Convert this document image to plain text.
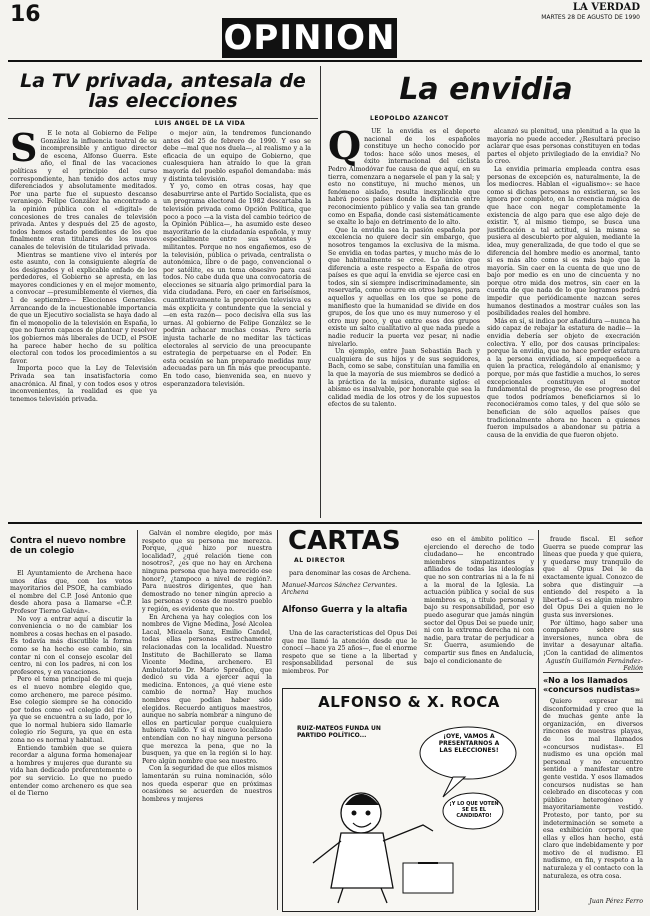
16
OPINION
LA VERDAD
MARTES 28 DE AGUSTO DE 1990
La TV privada, antesala de las elecciones
LUIS ANGEL DE LA VIDA
S	E le nota al Gobierno de Felipe González la influencia teatral de su incomprensible y antiguo director de escena, Alfonso Guerra. Este año, el final de las vacaciones políticas y el principio del curso correspondiente, han tenido dos actos muy diferenciados y absolutamente meditados. Por una parte fue el supuesto descanso veraniego. Felipe González ha encontrado a la opinión pública con el «digital» de concesiones de tres canales de televisión privada. Antes y después del 25 de agosto, todos hemos estado pendientes de los que finalmente eran titulares de los nuevos canales de televisión de titularidad privada.

Mientras se mantiene vivo el interés por este asunto, con la consiguiente alegría de los designados y el explicable enfado de los perdedores, el Gobierno se apresta, en las mayores condiciones y en el mejor momento, a convocar —presumiblemente el viernes, día 1 de septiembre— Elecciones Generales. Arrancando de la incuestionable importancia de que un Ejecutivo socialista se haya dado al fin el monopolio de la televisión en España, lo que no fueron capaces de plantear y resolver los gobiernos más liberales de UCD, el PSOE ha parece haber hecho de su política electoral con todos los procedimientos a su favor.

Importa poco que la Ley de Televisión Privada sea tan insatisfactoria como anacrónica. Al final, y con todos esos y otros inconvenientes, la realidad es que ya tenemos televisión privada.

o mejor aún, la tendremos funcionando antes del 25 de febrero de 1990. Y eso se debe —mal que nos duela—, al realismo y a la eficacia de un equipo de Gobierno, que cualesquiera han atraído lo que la gran mayoría del pueblo español demandaba: más y distinta televisión.

Y yo, como en otras cosas, hay que desaburrirse ante el Partido Socialista, que es un programa electoral de 1982 descartaba la televisión privada como Opción Política, que poco a poco —a la vista del cambio teórico de la Opinión Pública—, ha asumido este deseo mayoritario de la ciudadanía española, y muy especialmente entre sus votantes y militantes. Porque no nos engañemos, eso de la televisión, pública o privada, centralista o autonómica, libre o de pago, convencional o por satélite, es un tema obsesivo para casi todos. No cabe duda que una convocatoria de elecciones se situaría algo primordial para la vida ciudadana. Pero, en caer en fariseísmos, cuantitativamente la proporción televisiva es más explícita y contundente que la sencial y —en esta razón— poco decisiva ella sus las urnas. Al gobierno de Felipe González se le podrán achacar muchas cosas. Pero sería injusta tacharle de no meditar las tácticas electorales al servicio de una preocupante estrategia de perpetuarse en el Poder. En esta ocasión se han preparado medidas muy adecuadas para un fin más que preocupante. En todo caso, bienvenida sea, en nuevo y esperanzadora televisión.

La envidia
LEOPOLDO AZANCOT
Q	UE la envidia es el deporte nacional de los españoles constituye un hecho conocido por todos: hace sólo unos meses, el éxito internacional del ciclista Pedro Almodóvar fue causa de que aquí, en su tierra, comenzara a negarsele el pan y la sal; y esto no constituye, ni mucho menos, un fenómeno aislado, resulta inexplicable que habrá pocos países donde la distancia entre reconocimiento público y valía sea tan grande como en España, donde casi sistemáticamente se exalte lo bajo en detrimento de lo alto.

Que la envidia sea la pasión española por excelencia no quiere decir sin embargo, que nosotros tengamos la exclusiva de la misma. Se envidia en todas partes, y mucho más de lo que habitualmente se cree. Lo único que diferencia a este respecto a España de otros países es que aquí la envidia se ejerce casi en todos, sin sí siempre indiscriminadamente, sin reservarla, como ocurre en otros lugares, para aquellos y aquellas en los que se pone de manifiesto que la humanidad se divide en dos grupos, de los que uno es muy numeroso y el otro muy poco, y que entre esos dos grupos existe un salto cualitativo al que nada puede a nadie reducir la puerta vez pesar, ni nadie nivelarlo.

Un ejemplo, entre Juan Sebastián Bach y cualquiera de sus hijos y de sus seguidores, Bach, como se sabe, constituían una familia en la que la mayoría de sus miembros se dedicó a la práctica de la música, durante siglos: el abismo es insalvable, por honorable que sea la calidad media de los otros y de los supuestos efectos de su talento.

alcanzó su plenitud, una plenitud a la que la mayoría no puede acceder. ¿Resultará preciso aclarar que esas personas constituyen en todas partes el objeto privilegiado de la envidia? No lo creo.

La envidia primaria empleada contra esas personas de excepción es, naturalmente, la de los mediocres. Hablan el «igualismo»: se hace como si dichas personas no existieran, se les ignora por completo, en la creencia mágica de que hace con negar completamente la existencia de algo para que ese algo deje de existir. Y, al mismo tiempo, se busca una justificación a tal actitud, si la misma se pusiera al descubierto por alguien, mediante la idea, muy generalizada, de que todo el que se diferencia del hombre medio es anormal, tanto si es más alto como si es más bajo que la mayoría. Sin caer en la cuenta de que uno de bajo por medio es en uno de cincuenta y no porque otro mida dos metros, sin caer en la cuenta de que nada de lo que logramos podrá impedir que periódicamente nazcan seres humanos destinados a mostrar cuáles son las posibilidades reales del hombre.

Más en sí, si indica por añadidura —nunca ha sido capaz de rebajar la estatura de nadie— la envidia debería ser objeto de execración colectiva. Y ello, por dos causas principales: porque la envidia, que no hace perder estatura a la persona envidiada, sí empequeñece a quien la practica, relegándolo al enanismo; y porque, por más que fastidie a muchos, lo seres excepcionales constituyen el motor fundamental de progreso, de ese progreso del que todos podríamos beneficiarnos si lo reconociéramos como tales, y del que sólo se benefician de sólo aquellos países que tradicionalmente ahora no hacen a quienes fueron impulsados a abandonar su patria a causa de la envidia de que fueron objeto.

CARTAS
AL DIRECTOR
Contra el nuevo nombre de un colegio

El Ayuntamiento de Archena hace unos días que, con los votos mayoritarios del PSOE, ha cambiado el nombre del C.P. José Antonio que desde ahora pasa a llamarse «C.P. Profesor Tierno Galván».

No voy a entrar aquí a discutir la conveniencia o no de cambiar los nombres a cosas hechas en el pasado. Es todavía más discutible la forma como se ha hecho ese cambio, sin contar ni con el consejo escolar del centro, ni con los padres, ni con los profesores, y en vacaciones.

Pero el tema principal de mi queja es el nuevo nombre elegido que, como archenero, me parece pésimo. Ese colegio siempre se ha conocido por todos como «el colegio del río», ya que se encuentra a su lado, por lo que lo normal hubiera sido llamarle colegio río Segura, ya que en esta zona no es normal y habitual.

Entiendo también que se quiera recordar a alguna forma homenajear a hombres y mujeres que durante su vida han dedicado preferentemente o por su servicio. Lo que no puedo entender como archenero es que sea el de Tierno

Galván el nombre elegido, por más respeto que su persona me merezca. Porque, ¿qué hizo por nuestra localidad?, ¿qué relación tiene con nosotros?, ¿es que no hay en Archena ninguna persona que haya merecido ese honor?, ¿tampoco a nivel de región?. Para nuestros dirigentes, que han demostrado no tener ningún aprecio a las personas y cosas de nuestro pueblo y región, es evidente que no.

En Archena ya hay colegios con los nombres de Vigne Medina, José Alcolea Lacal, Micaela Sanz, Emilio Candel, todas ellas personas estrechamente relacionadas con la localidad. Nuestro Instituto de Bachillerato se llama Vicente Medina, archenero. El Ambulatorio Dr. Mario Spreáfico, que dedicó su vida a ejercer aquí la medicina. Entonces, ¿a qué viene este cambio de norma? Hay muchos nombres que podían haber sido elegidos. Recuerdo antiguos maestros, aunque no sabría nombrar a ninguno de ellos en particular porque cualquiera hubiera valido. Y si el nuevo localizado entendían con no hay ninguna persona que merezca la pena, que no la busquen, ya que en la región si lo hay. Pero algún nombre que sea nuestro.

Con la seguridad de que ellos mismos lamentarán su ruina nominación, sólo nos queda esperar que en próximas ocasiones se acuerden de nuestros hombres y mujeres

para denominar las cosas de Archena.

Manuel-Marcos Sánchez Cervantes. Archena
Alfonso Guerra y la altafia

Una de las características del Opus Dei que me llamó la atención desde que le conocí —hace ya 25 años—, fue el enorme respeto que se tiene a la libertad y responsabilidad personal de sus miembros. Por

eso en el ámbito político —ejerciendo el derecho de todo ciudadano— he encontrado miembros simpatizantes y afiliados de todas las ideologías que no son contrarias ni a la fe ni a la moral de la Iglesia. La actuación pública y social de sus miembros es, a título personal y bajo su responsabilidad, por eso puedo asegurar que jamás ningún sector del Opus Dei se puede unir, ni con la extrema derecha ni con nadie, para tratar de perjudicar a Sr. Guerra, asumiendo de compartir sus fines en Andalucía, bajo el condicionante de

fraude fiscal. El señor Guerra se puede comprar las líneas que pueda y que quiera, y quedarse muy tranquilo de que al Opus Dei le da exactamente igual. Conozco de sobra que distinguir —a entiendo del respeto a la libertad— si es algún miembro del Opus Dei a quien no le gusta sus inversiones.

Por último, hago saber una compañero sobre sus inversiones, nunca obra de invitar a desayunar altafia. ¡Con la cantidad de alimentos

Agustín Guillamón Fernández-Felión
ALFONSO & X. ROCA
RUIZ-MATEOS FUNDA UN PARTIDO POLÍTICO...	¡OYE, VAMOS A PRESENTARNOS A LAS ELECCIONES!
¡Y LO QUE VOTEN SE ES EL CANDIDATO!
«No a los llamados «concursos nudistas»

Quiero expresar mi disconformidad y creo que la de muchas gente ante la organización, en diversos rincones de nuestras playas, de los mal llamados «concursos nudistas». El nudismo es una opción mal personal y no encuentro sentido a manifestar entre gente vestida. Y esos llamados concursos nudistas se han celebrado en discotecas y con público heterogéneo y mayoritariamente vestido. Protesto, por tanto, por su indeterminación se somete a esa exhibición corporal que ellas y ellos han hecho, está claro que indebidamente y por motivo de el nudismo. El nudismo, en fin, y respeto a la naturaleza y el contacto con la naturaleza, es otra cosa.

Juan Pérez Ferro
